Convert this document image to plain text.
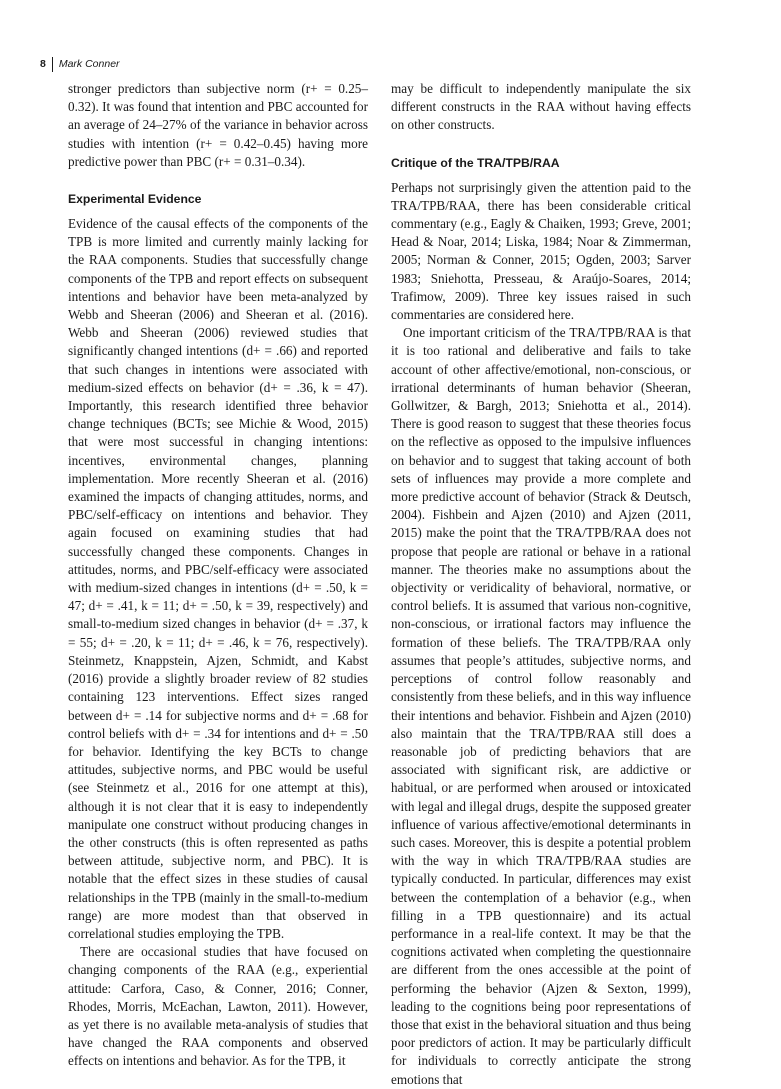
8	Mark Conner

stronger predictors than subjective norm (r+ = 0.25–0.32). It was found that intention and PBC accounted for an average of 24–27% of the variance in behavior across studies with intention (r+ = 0.42–0.45) having more predictive power than PBC (r+ = 0.31–0.34).

Experimental Evidence

Evidence of the causal effects of the components of the TPB is more limited and currently mainly lacking for the RAA components. Studies that successfully change components of the TPB and report effects on subsequent intentions and behavior have been meta-analyzed by Webb and Sheeran (2006) and Sheeran et al. (2016). Webb and Sheeran (2006) reviewed studies that significantly changed intentions (d+ = .66) and reported that such changes in intentions were associated with medium-sized effects on behavior (d+ = .36, k = 47). Importantly, this research identified three behavior change techniques (BCTs; see Michie & Wood, 2015) that were most successful in changing intentions: incentives, environmental changes, planning implementation. More recently Sheeran et al. (2016) examined the impacts of changing attitudes, norms, and PBC/self-efficacy on intentions and behavior. They again focused on examining studies that had successfully changed these components. Changes in attitudes, norms, and PBC/self-efficacy were associated with medium-sized changes in intentions (d+ = .50, k = 47; d+ = .41, k = 11; d+ = .50, k = 39, respectively) and small-to-medium sized changes in behavior (d+ = .37, k = 55; d+ = .20, k = 11; d+ = .46, k = 76, respectively). Steinmetz, Knappstein, Ajzen, Schmidt, and Kabst (2016) provide a slightly broader review of 82 studies containing 123 interventions. Effect sizes ranged between d+ = .14 for subjective norms and d+ = .68 for control beliefs with d+ = .34 for intentions and d+ = .50 for behavior. Identifying the key BCTs to change attitudes, subjective norms, and PBC would be useful (see Steinmetz et al., 2016 for one attempt at this), although it is not clear that it is easy to independently manipulate one construct without producing changes in the other constructs (this is often represented as paths between attitude, subjective norm, and PBC). It is notable that the effect sizes in these studies of causal relationships in the TPB (mainly in the small-to-medium range) are more modest than that observed in correlational studies employing the TPB.

There are occasional studies that have focused on changing components of the RAA (e.g., experiential attitude: Carfora, Caso, & Conner, 2016; Conner, Rhodes, Morris, McEachan, Lawton, 2011). However, as yet there is no available meta-analysis of studies that have changed the RAA components and observed effects on intentions and behavior. As for the TPB, it

may be difficult to independently manipulate the six different constructs in the RAA without having effects on other constructs.

Critique of the TRA/TPB/RAA

Perhaps not surprisingly given the attention paid to the TRA/TPB/RAA, there has been considerable critical commentary (e.g., Eagly & Chaiken, 1993; Greve, 2001; Head & Noar, 2014; Liska, 1984; Noar & Zimmerman, 2005; Norman & Conner, 2015; Ogden, 2003; Sarver 1983; Sniehotta, Presseau, & Araújo-Soares, 2014; Trafimow, 2009). Three key issues raised in such commentaries are considered here.

One important criticism of the TRA/TPB/RAA is that it is too rational and deliberative and fails to take account of other affective/emotional, non-conscious, or irrational determinants of human behavior (Sheeran, Gollwitzer, & Bargh, 2013; Sniehotta et al., 2014). There is good reason to suggest that these theories focus on the reflective as opposed to the impulsive influences on behavior and to suggest that taking account of both sets of influences may provide a more complete and more predictive account of behavior (Strack & Deutsch, 2004). Fishbein and Ajzen (2010) and Ajzen (2011, 2015) make the point that the TRA/TPB/RAA does not propose that people are rational or behave in a rational manner. The theories make no assumptions about the objectivity or veridicality of behavioral, normative, or control beliefs. It is assumed that various non-cognitive, non-conscious, or irrational factors may influence the formation of these beliefs. The TRA/TPB/RAA only assumes that people’s attitudes, subjective norms, and perceptions of control follow reasonably and consistently from these beliefs, and in this way influence their intentions and behavior. Fishbein and Ajzen (2010) also maintain that the TRA/TPB/RAA still does a reasonable job of predicting behaviors that are associated with significant risk, are addictive or habitual, or are performed when aroused or intoxicated with legal and illegal drugs, despite the supposed greater influence of various affective/emotional determinants in such cases. Moreover, this is despite a potential problem with the way in which TRA/TPB/RAA studies are typically conducted. In particular, differences may exist between the contemplation of a behavior (e.g., when filling in a TPB questionnaire) and its actual performance in a real-life context. It may be that the cognitions activated when completing the questionnaire are different from the ones accessible at the point of performing the behavior (Ajzen & Sexton, 1999), leading to the cognitions being poor representations of those that exist in the behavioral situation and thus being poor predictors of action. It may be particularly difficult for individuals to correctly anticipate the strong emotions that
